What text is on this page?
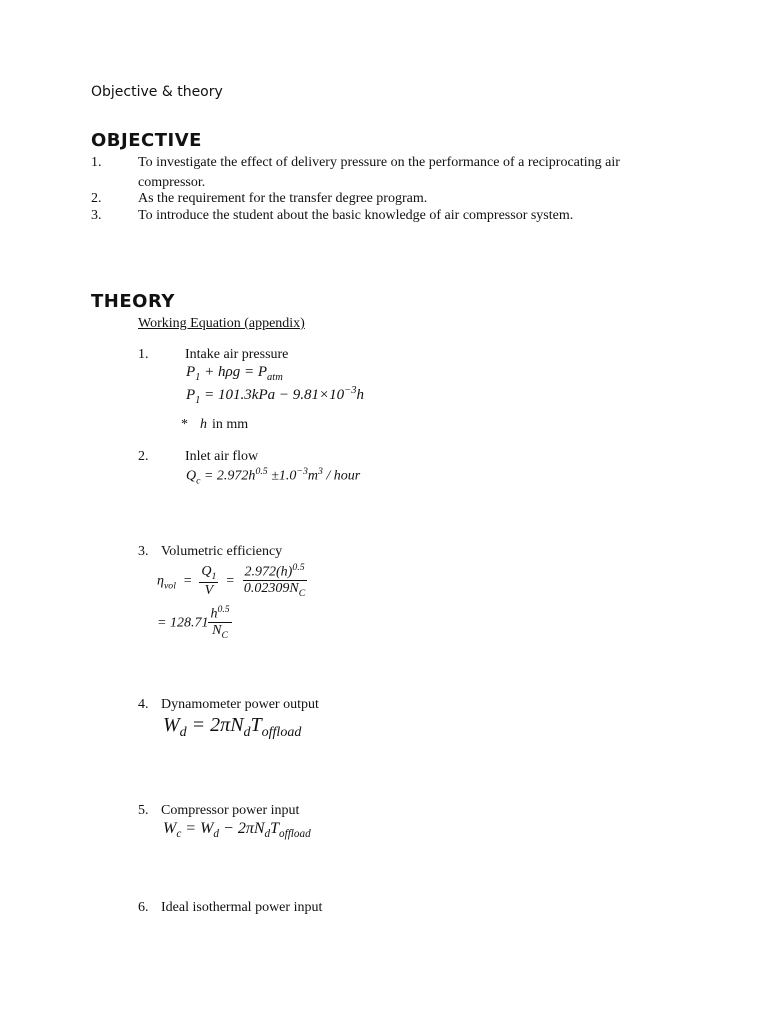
Objective & theory
OBJECTIVE
1.	To investigate the effect of delivery pressure on the performance of a reciprocating air
compressor.
2.	As the requirement for the transfer degree program.
3.	To introduce the student about the basic knowledge of air compressor system.
THEORY
Working Equation (appendix)
1.	Intake air pressure
$P_1 + h\rho g = P_{atm}$
$P_1 = 101.3kPa - 9.81\times 10^{-3}h$
* h in mm
2.	Inlet air flow
$Q_c = 2.972h^{0.5} \pm 1.0^{-3}m^3$ / hour
3. Volumetric efficiency
$\eta_{vol} = \frac{Q_1}{V} = \frac{2.972(h)^{0.5}}{0.02309N_C}$
= $128.71 \frac{h^{0.5}}{N_C}$
4. Dynamometer power output
$W_d = 2\pi N_dT_{offload}$
5. Compressor power input
$W_c = W_d - 2\pi N_dT_{offload}$
6. Ideal isothermal power input
